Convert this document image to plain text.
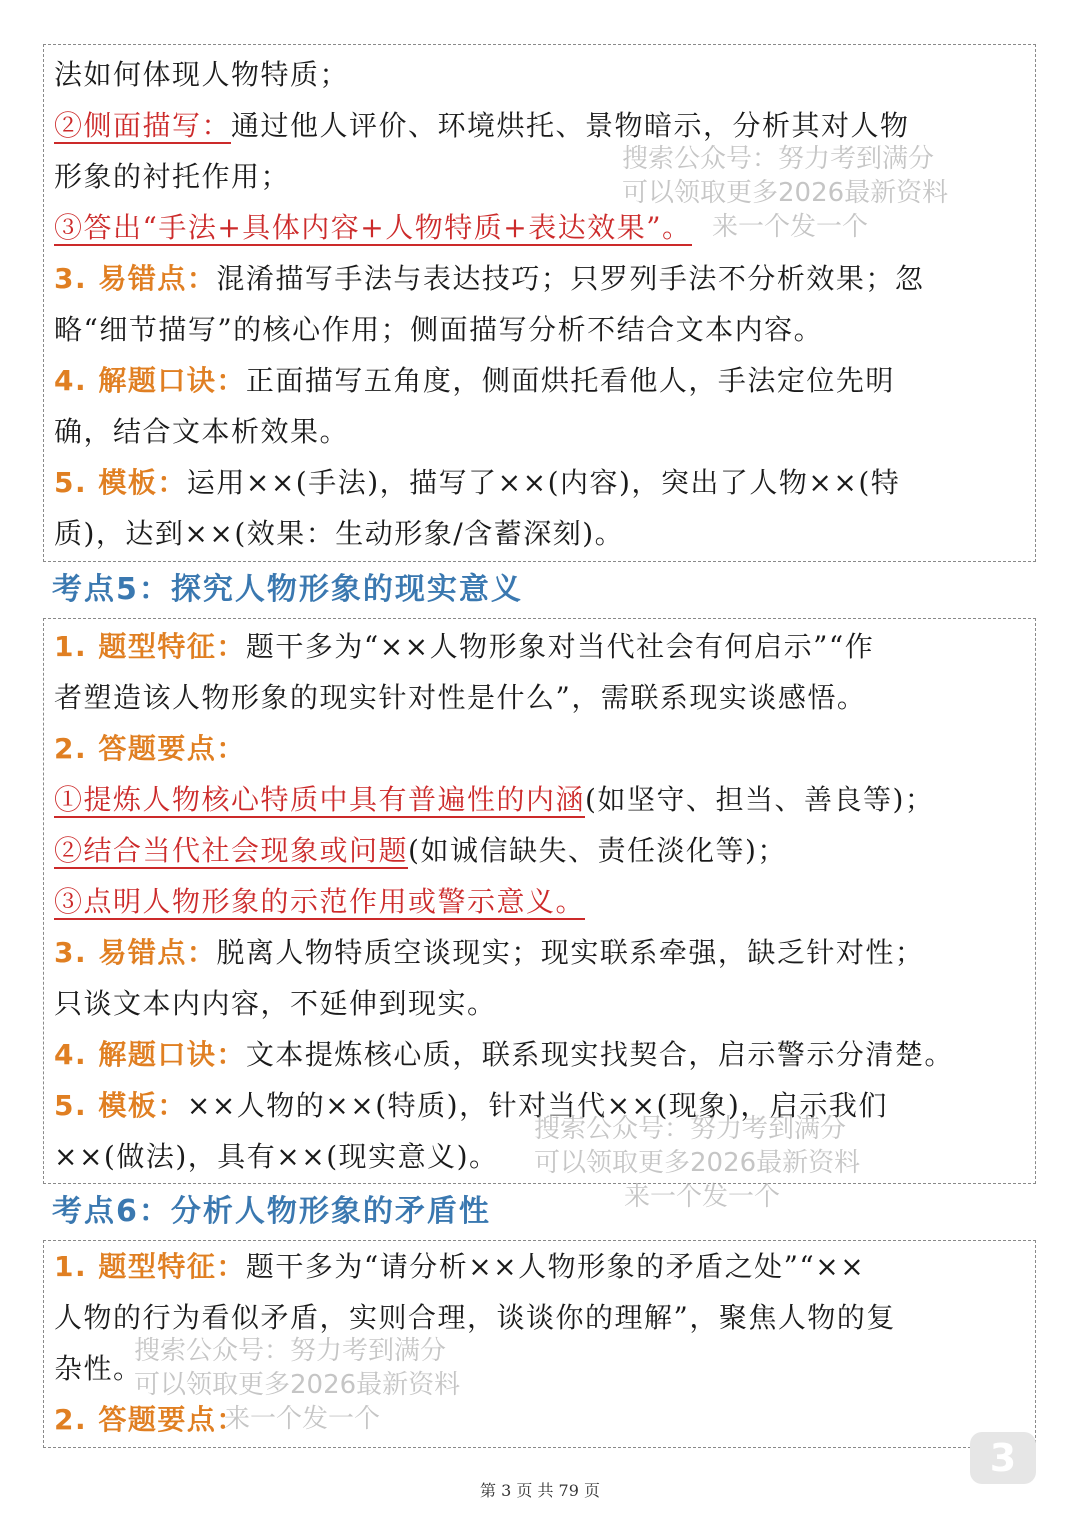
法如何体现人物特质；
②侧面描写：通过他人评价、环境烘托、景物暗示，分析其对人物
形象的衬托作用；
③答出“手法+具体内容+人物特质+表达效果”。
3. 易错点：混淆描写手法与表达技巧；只罗列手法不分析效果；忽
略“细节描写”的核心作用；侧面描写分析不结合文本内容。
4. 解题口诀：正面描写五角度，侧面烘托看他人，手法定位先明
确，结合文本析效果。
5. 模板：运用××(手法)，描写了××(内容)，突出了人物××(特
质)，达到××(效果：生动形象/含蓄深刻)。
考点5：探究人物形象的现实意义
1. 题型特征：题干多为“××人物形象对当代社会有何启示”“作
者塑造该人物形象的现实针对性是什么”，需联系现实谈感悟。
2. 答题要点：
①提炼人物核心特质中具有普遍性的内涵(如坚守、担当、善良等)；
②结合当代社会现象或问题(如诚信缺失、责任淡化等)；
③点明人物形象的示范作用或警示意义。
3. 易错点：脱离人物特质空谈现实；现实联系牵强，缺乏针对性；
只谈文本内内容，不延伸到现实。
4. 解题口诀：文本提炼核心质，联系现实找契合，启示警示分清楚。
5. 模板：××人物的××(特质)，针对当代××(现象)，启示我们
××(做法)，具有××(现实意义)。
考点6：分析人物形象的矛盾性
1. 题型特征：题干多为“请分析××人物形象的矛盾之处”“××
人物的行为看似矛盾，实则合理，谈谈你的理解”，聚焦人物的复
杂性。
2. 答题要点：
搜索公众号：努力考到满分
可以领取更多2026最新资料
来一个发一个
搜索公众号：努力考到满分
可以领取更多2026最新资料
来一个发一个
搜索公众号：努力考到满分
可以领取更多2026最新资料
来一个发一个
3
第 3 页 共 79 页
